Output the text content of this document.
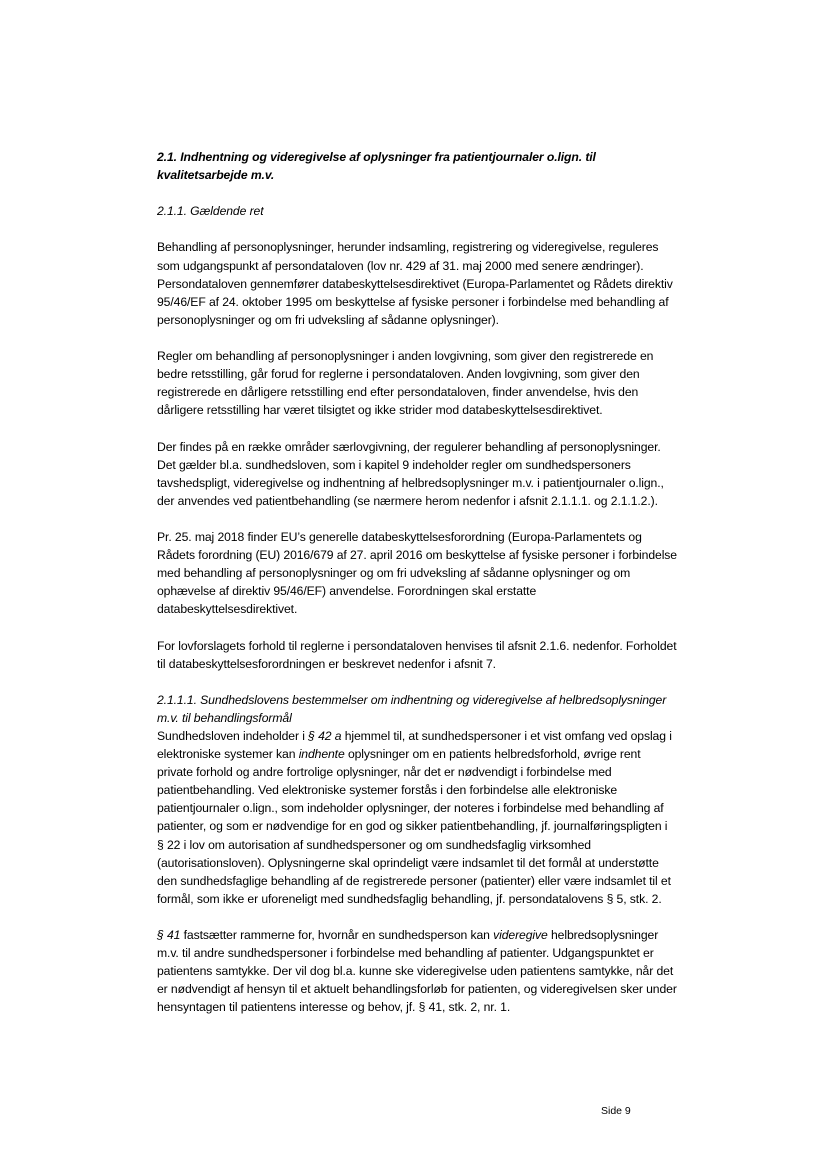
2.1. Indhentning og videregivelse af oplysninger fra patientjournaler o.lign. til kvalitetsarbejde m.v.

2.1.1. Gældende ret

Behandling af personoplysninger, herunder indsamling, registrering og videregivelse, reguleres som udgangspunkt af persondataloven (lov nr. 429 af 31. maj 2000 med senere ændringer). Persondataloven gennemfører databeskyttelsesdirektivet (Europa-Parlamentet og Rådets direktiv 95/46/EF af 24. oktober 1995 om beskyttelse af fysiske personer i forbindelse med behandling af personoplysninger og om fri udveksling af sådanne oplysninger).

Regler om behandling af personoplysninger i anden lovgivning, som giver den registrerede en bedre retsstilling, går forud for reglerne i persondataloven. Anden lovgivning, som giver den registrerede en dårligere retsstilling end efter persondataloven, finder anvendelse, hvis den dårligere retsstilling har været tilsigtet og ikke strider mod databeskyttelsesdirektivet.

Der findes på en række områder særlovgivning, der regulerer behandling af personoplysninger. Det gælder bl.a. sundhedsloven, som i kapitel 9 indeholder regler om sundhedspersoners tavshedspligt, videregivelse og indhentning af helbredsoplysninger m.v. i patientjournaler o.lign., der anvendes ved patientbehandling (se nærmere herom nedenfor i afsnit 2.1.1.1. og 2.1.1.2.).

Pr. 25. maj 2018 finder EU’s generelle databeskyttelsesforordning (Europa-Parlamentets og Rådets forordning (EU) 2016/679 af 27. april 2016 om beskyttelse af fysiske personer i forbindelse med behandling af personoplysninger og om fri udveksling af sådanne oplysninger og om ophævelse af direktiv 95/46/EF) anvendelse. Forordningen skal erstatte databeskyttelsesdirektivet.

For lovforslagets forhold til reglerne i persondataloven henvises til afsnit 2.1.6. nedenfor. Forholdet til databeskyttelsesforordningen er beskrevet nedenfor i afsnit 7.

2.1.1.1. Sundhedslovens bestemmelser om indhentning og videregivelse af helbredsoplysninger m.v. til behandlingsformål

Sundhedsloven indeholder i § 42 a hjemmel til, at sundhedspersoner i et vist omfang ved opslag i elektroniske systemer kan indhente oplysninger om en patients helbredsforhold, øvrige rent private forhold og andre fortrolige oplysninger, når det er nødvendigt i forbindelse med patientbehandling. Ved elektroniske systemer forstås i den forbindelse alle elektroniske patientjournaler o.lign., som indeholder oplysninger, der noteres i forbindelse med behandling af patienter, og som er nødvendige for en god og sikker patientbehandling, jf. journalføringspligten i § 22 i lov om autorisation af sundhedspersoner og om sundhedsfaglig virksomhed (autorisationsloven). Oplysningerne skal oprindeligt være indsamlet til det formål at understøtte den sundhedsfaglige behandling af de registrerede personer (patienter) eller være indsamlet til et formål, som ikke er uforeneligt med sundhedsfaglig behandling, jf. persondatalovens § 5, stk. 2.

§ 41 fastsætter rammerne for, hvornår en sundhedsperson kan videregive helbredsoplysninger m.v. til andre sundhedspersoner i forbindelse med behandling af patienter. Udgangspunktet er patientens samtykke. Der vil dog bl.a. kunne ske videregivelse uden patientens samtykke, når det er nødvendigt af hensyn til et aktuelt behandlingsforløb for patienten, og videregivelsen sker under hensyntagen til patientens interesse og behov, jf. § 41, stk. 2, nr. 1.

Side 9
